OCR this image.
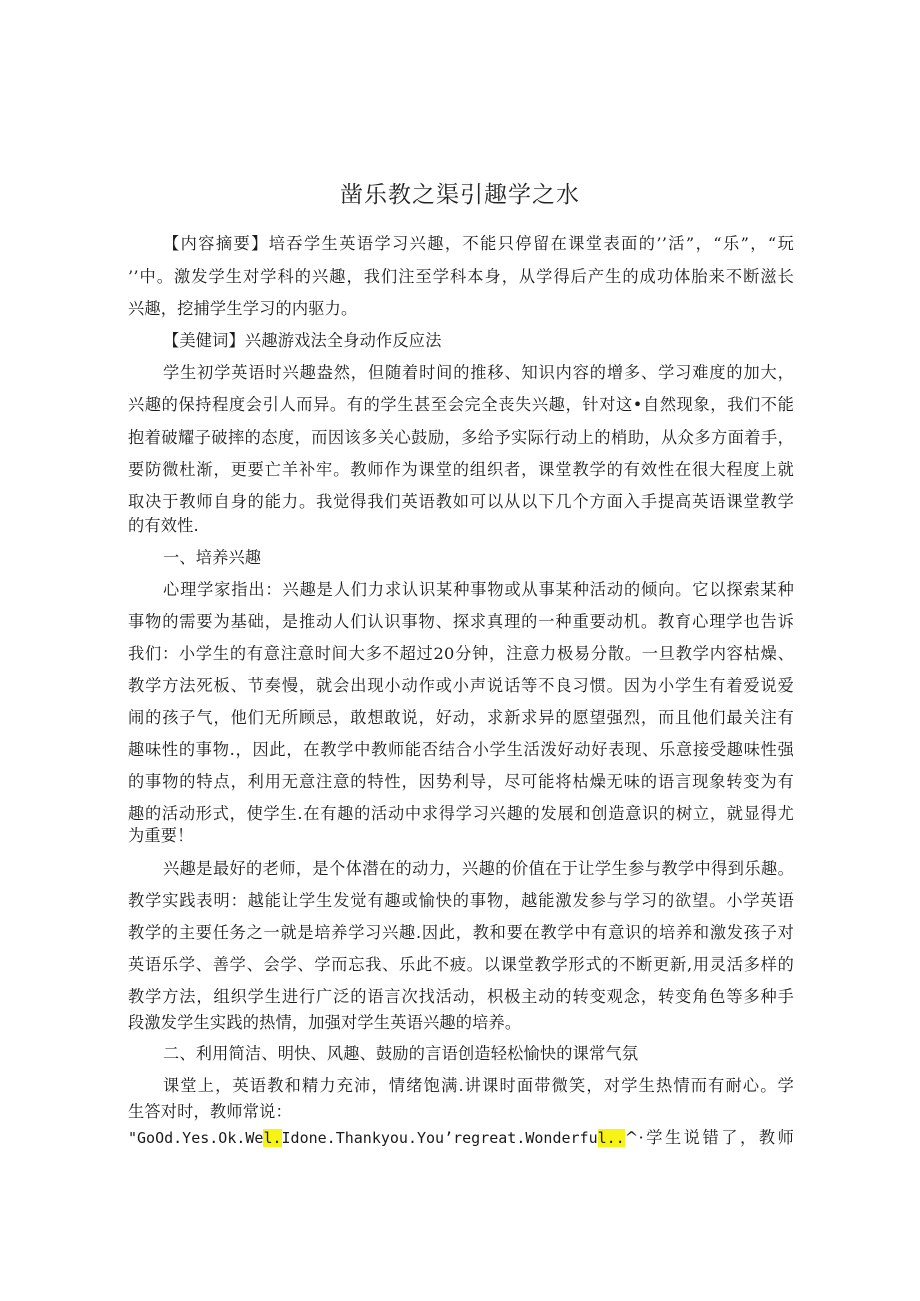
凿乐教之渠引趣学之水
【内容摘要】培吞学生英语学习兴趣，不能只停留在课堂表面的’’活”，“乐”，“玩
’’中。激发学生对学科的兴趣，我们注至学科本身，从学得后产生的成功体胎来不断滋长
兴趣，挖捕学生学习的内驱力。
【美健词】兴趣游戏法全身动作反应法
学生初学英语时兴趣盎然，但随着时间的推移、知识内容的增多、学习难度的加大，
兴趣的保持程度会引人而异。有的学生甚至会完全丧失兴趣，针对这•自然现象，我们不能
抱着破耀子破摔的态度，而因该多关心鼓励，多给予实际行动上的梢助，从众多方面着手，
要防微杜渐，更要亡羊补牢。教师作为课堂的组织者，课堂教学的有效性在很大程度上就
取决于教师自身的能力。我觉得我们英语教如可以从以下几个方面入手提高英语课堂教学
的有效性.
一、培养兴趣
心理学家指出：兴趣是人们力求认识某种事物或从事某种活动的倾向。它以探索某种
事物的需要为基础，是推动人们认识事物、探求真理的一种重要动机。教育心理学也告诉
我们：小学生的有意注意时间大多不超过20分钟，注意力极易分散。一旦教学内容枯燥、
教学方法死板、节奏慢，就会出现小动作或小声说话等不良习惯。因为小学生有着爱说爱
闹的孩子气，他们无所顾忌，敢想敢说，好动，求新求异的愿望强烈，而且他们最关注有
趣味性的事物.，因此，在教学中教师能否结合小学生活泼好动好表现、乐意接受趣味性强
的事物的特点，利用无意注意的特性，因势利导，尽可能将枯燥无味的语言现象转变为有
趣的活动形式，使学生.在有趣的活动中求得学习兴趣的发展和创造意识的树立，就显得尤
为重要！
兴趣是最好的老师，是个体潜在的动力，兴趣的价值在于让学生参与教学中得到乐趣。
教学实践表明：越能让学生发觉有趣或愉快的事物，越能激发参与学习的欲望。小学英语
教学的主要任务之一就是培养学习兴趣.因此，教和要在教学中有意识的培养和激发孩子对
英语乐学、善学、会学、学而忘我、乐此不疲。以课堂教学形式的不断更新,用灵活多样的
教学方法，组织学生进行广泛的语言次找活动，枳极主动的转变观念，转变角色等多种手
段激发学生实践的热情，加强对学生英语兴趣的培养。
二、利用简洁、明快、风趣、鼓励的言语创造轻松愉快的课常气氛
课堂上，英语教和精力充沛，情绪饱满.讲课时面带微笑，对学生热情而有耐心。学
生答对时，教师常说：
"GoOd.Yes.Ok.Wel.Idone.Thankyou.You’regreat.Wonderful..^·学生说错了，教师
